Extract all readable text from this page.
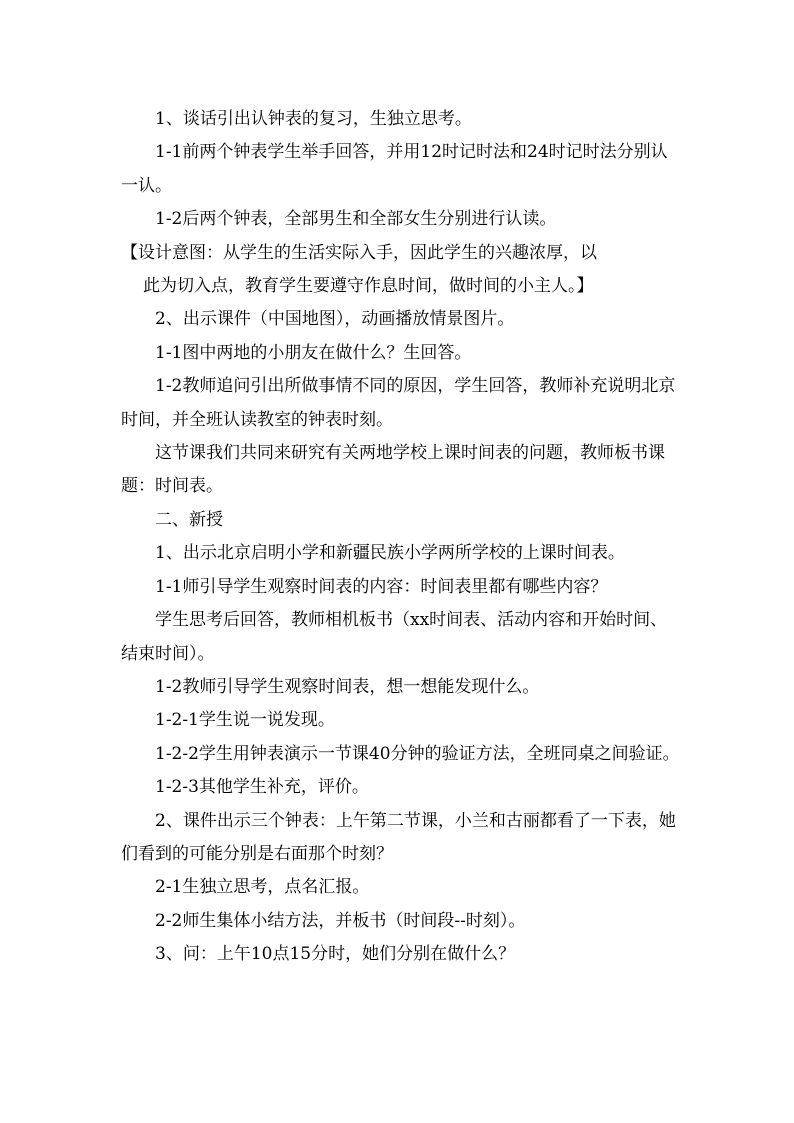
1、谈话引出认钟表的复习，生独立思考。

1-1前两个钟表学生举手回答，并用12时记时法和24时记时法分别认一认。

1-2后两个钟表，全部男生和全部女生分别进行认读。

【设计意图：从学生的生活实际入手，因此学生的兴趣浓厚，以

此为切入点，教育学生要遵守作息时间，做时间的小主人。】

2、出示课件（中国地图），动画播放情景图片。

1-1图中两地的小朋友在做什么？生回答。

1-2教师追问引出所做事情不同的原因，学生回答，教师补充说明北京时间，并全班认读教室的钟表时刻。

这节课我们共同来研究有关两地学校上课时间表的问题，教师板书课题：时间表。

二、新授

1、出示北京启明小学和新疆民族小学两所学校的上课时间表。

1-1师引导学生观察时间表的内容：时间表里都有哪些内容？

学生思考后回答，教师相机板书（xx时间表、活动内容和开始时间、结束时间）。

1-2教师引导学生观察时间表，想一想能发现什么。

1-2-1学生说一说发现。

1-2-2学生用钟表演示一节课40分钟的验证方法，全班同桌之间验证。

1-2-3其他学生补充，评价。

2、课件出示三个钟表：上午第二节课，小兰和古丽都看了一下表，她们看到的可能分别是右面那个时刻？

2-1生独立思考，点名汇报。

2-2师生集体小结方法，并板书（时间段--时刻）。

3、问：上午10点15分时，她们分别在做什么？
